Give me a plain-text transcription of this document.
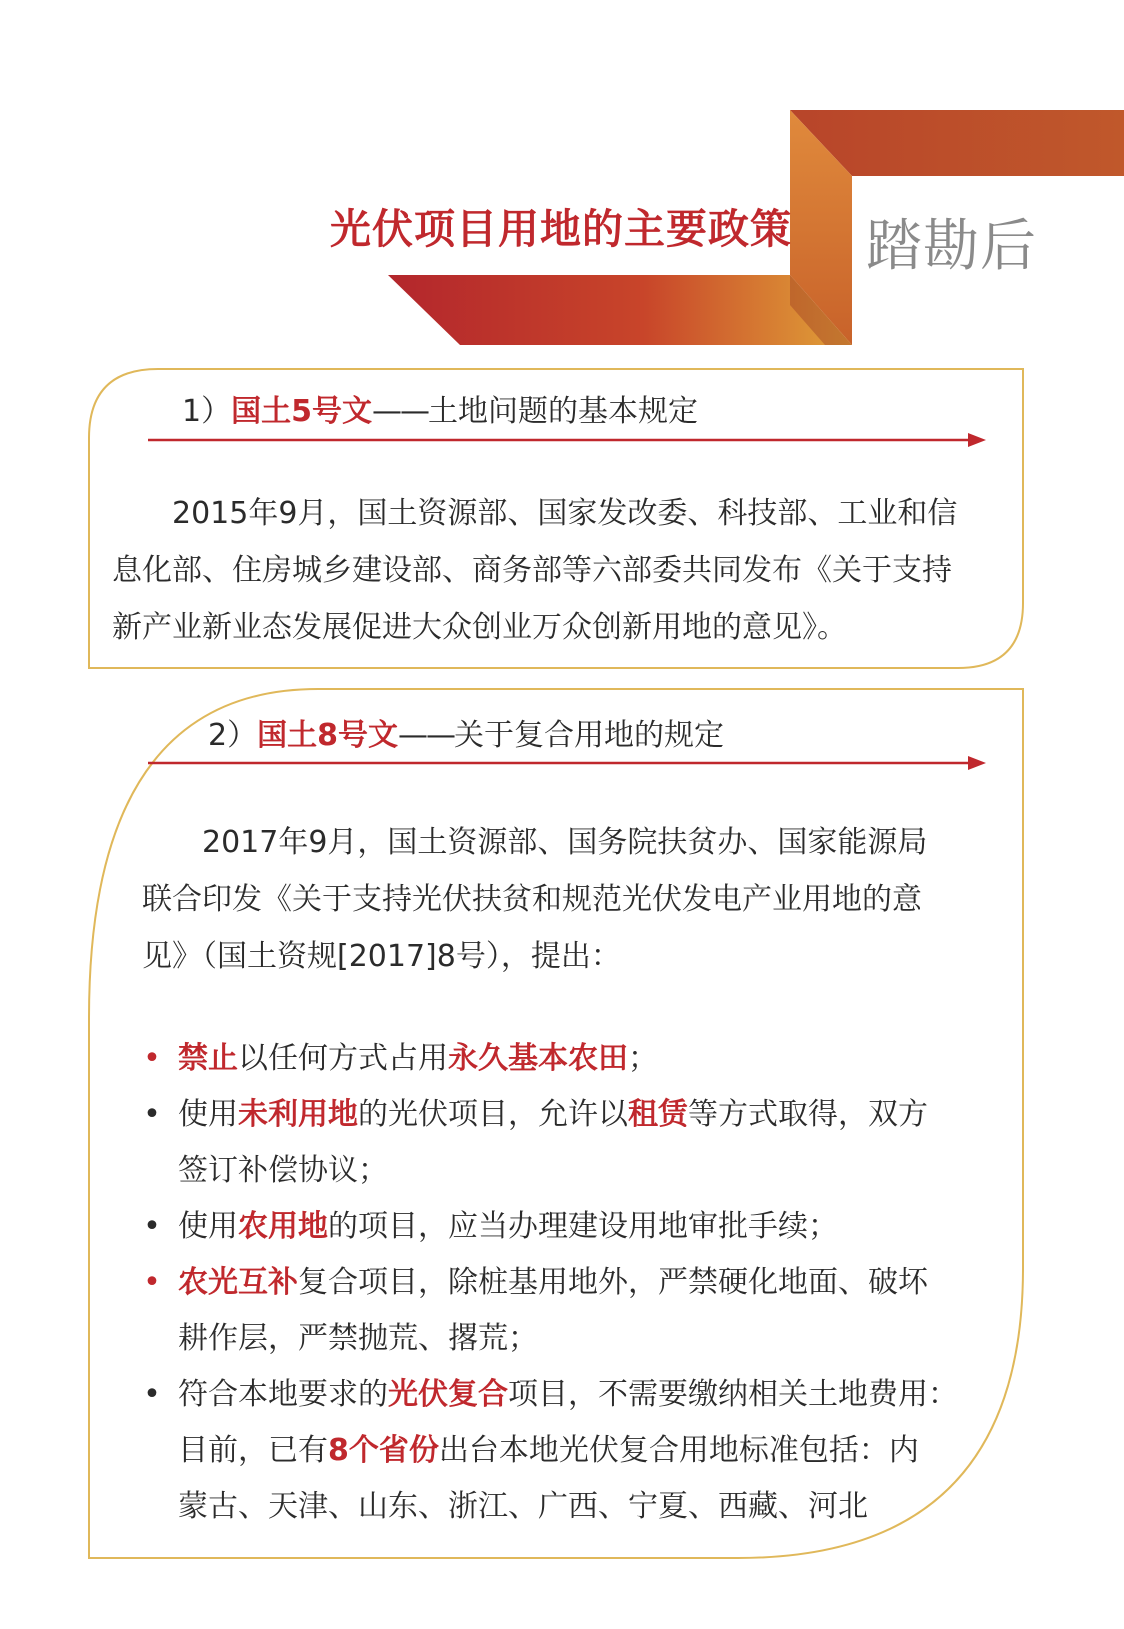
光伏项目用地的主要政策 踏勘后
1）国土5号文——土地问题的基本规定
2015年9月，国土资源部、国家发改委、科技部、工业和信
息化部、住房城乡建设部、商务部等六部委共同发布《关于支持
新产业新业态发展促进大众创业万众创新用地的意见》。
2）国土8号文——关于复合用地的规定
2017年9月，国土资源部、国务院扶贫办、国家能源局
联合印发《关于支持光伏扶贫和规范光伏发电产业用地的意
见》（国土资规[2017]8号），提出：
• 禁止以任何方式占用永久基本农田；
• 使用未利用地的光伏项目，允许以租赁等方式取得，双方
签订补偿协议；
• 使用农用地的项目，应当办理建设用地审批手续；
• 农光互补复合项目，除桩基用地外，严禁硬化地面、破坏
耕作层，严禁抛荒、撂荒；
• 符合本地要求的光伏复合项目，不需要缴纳相关土地费用：
目前，已有8个省份出台本地光伏复合用地标准包括：内
蒙古、天津、山东、浙江、广西、宁夏、西藏、河北
